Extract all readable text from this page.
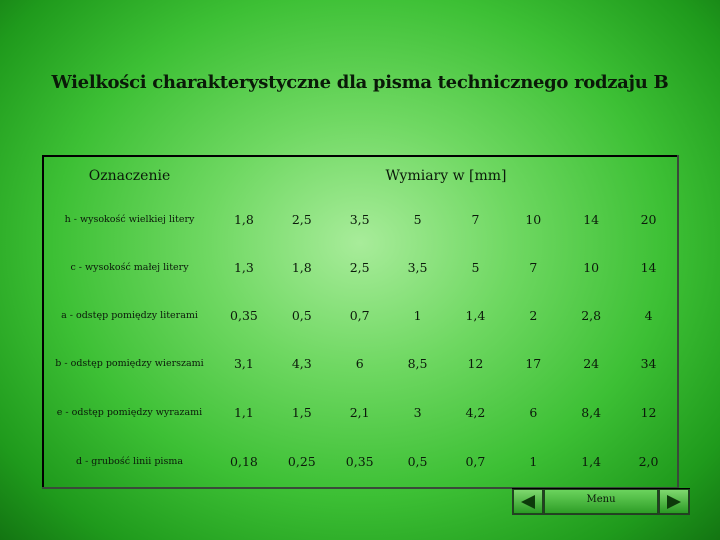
Wielkości charakterystyczne dla pisma technicznego rodzaju B
Oznaczenie	Wymiary w [mm]							
h - wysokość wielkiej litery	1,8	2,5	3,5	5	7	10	14	20
c - wysokość małej litery	1,3	1,8	2,5	3,5	5	7	10	14
a - odstęp pomiędzy literami	0,35	0,5	0,7	1	1,4	2	2,8	4
b - odstęp pomiędzy wierszami	3,1	4,3	6	8,5	12	17	24	34
e - odstęp pomiędzy wyrazami	1,1	1,5	2,1	3	4,2	6	8,4	12
d - grubość linii pisma	0,18	0,25	0,35	0,5	0,7	1	1,4	2,0
Menu
